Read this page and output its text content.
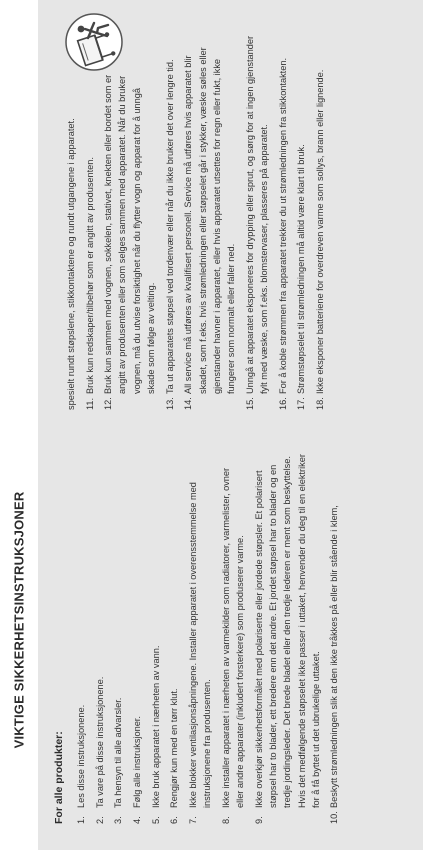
VIKTIGE SIKKERHETSINSTRUKSJONER
For alle produkter: 1.
Les disse instruksjonene.
2.
Ta vare på disse instruksjonene.
3.
Ta hensyn til alle advarsler.
4.
Følg alle instruksjoner.
5.
Ikke bruk apparatet i nærheten av vann.
6.
Rengjør kun med en tørr klut.
7.
Ikke blokker ventilasjonsåpningene. Installer apparatet i overensstemmelse med instruksjonene fra produsenten.
8.
Ikke installer apparatet i nærheten av varmekilder som radiatorer, varmelister, ovner eller andre apparater (inkludert forsterkere) som produserer varme.
9.
Ikke overkjør sikkerhetsformålet med polariserte eller jordede støpsler. Et polarisert støpsel har to blader, ett bredere enn det andre. Et jordet støpsel har to blader og en tredje jordingsleder. Det brede bladet eller den tredje lederen er ment som beskyttelse. Hvis det medfølgende støpselet ikke passer i uttaket, henvender du deg til en elektriker for å få byttet ut det ubrukelige uttaket.
10.
Beskytt strømledningen slik at den ikke tråkkes på eller blir stående i klem,
spesielt rundt støpslene, stikkontaktene og rundt utgangene i apparatet. 11.
Bruk kun redskaper/tilbehør som er angitt av produsenten.
12.
Bruk kun sammen med vognen, sokkelen, stativet, knekten eller bordet som er angitt av produsenten eller som selges sammen med apparatet. Når du bruker vognen, må du utvise forsiktighet når du flytter vogn og apparat for å unngå skade som følge av velting.
13.
Ta ut apparatets støpsel ved tordenvær eller når du ikke bruker det over lengre tid.
14.
All service må utføres av kvalifisert personell. Service må utføres hvis apparatet blir skadet, som f.eks. hvis strømledningen eller støpselet går i stykker, væske søles eller gjenstander havner i apparatet, eller hvis apparatet utsettes for regn eller fukt, ikke fungerer som normalt eller faller ned.
15.
Unngå at apparatet eksponeres for drypping eller sprut, og sørg for at ingen gjenstander fylt med væske, som f.eks. blomstervaser, plasseres på apparatet.
16.
For å koble strømmen fra apparatet trekker du ut strømledningen fra stikkontakten.
17.
Strømstøpselet til strømledningen må alltid være klart til bruk.
18.
Ikke eksponer batteriene for overdreven varme som sollys, brann eller lignende.
